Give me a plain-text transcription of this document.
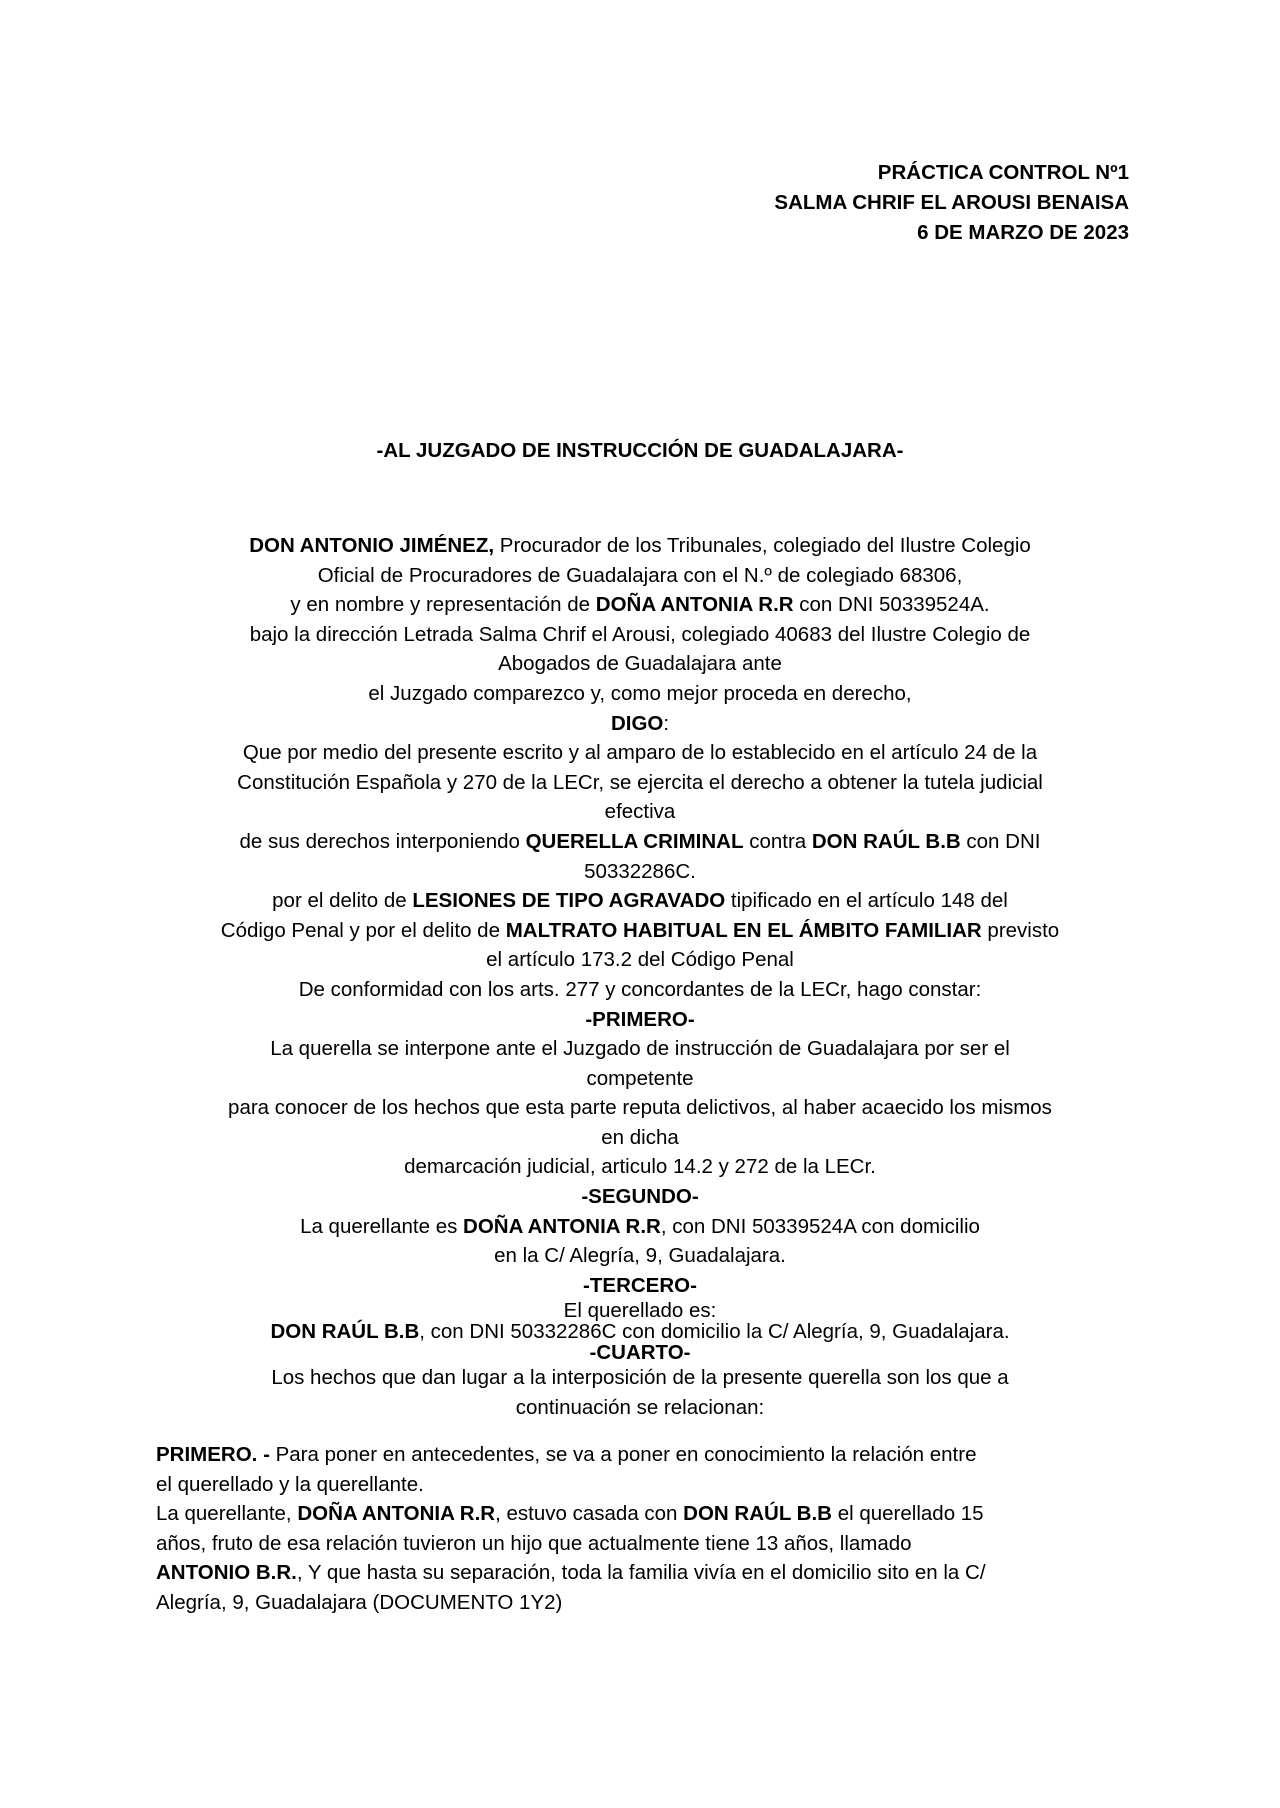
PRÁCTICA CONTROL Nº1
SALMA CHRIF EL AROUSI BENAISA
6 DE MARZO DE 2023
-AL JUZGADO DE INSTRUCCIÓN DE GUADALAJARA-
DON ANTONIO JIMÉNEZ, Procurador de los Tribunales, colegiado del Ilustre Colegio
Oficial de Procuradores de Guadalajara con el N.º de colegiado 68306,
y en nombre y representación de DOÑA ANTONIA R.R con DNI 50339524A.
bajo la dirección Letrada Salma Chrif el Arousi, colegiado 40683 del Ilustre Colegio de
Abogados de Guadalajara ante
el Juzgado comparezco y, como mejor proceda en derecho,
DIGO:
Que por medio del presente escrito y al amparo de lo establecido en el artículo 24 de la
Constitución Española y 270 de la LECr, se ejercita el derecho a obtener la tutela judicial
efectiva
de sus derechos interponiendo QUERELLA CRIMINAL contra DON RAÚL B.B con DNI
50332286C.
por el delito de LESIONES DE TIPO AGRAVADO tipificado en el artículo 148 del
Código Penal y por el delito de MALTRATO HABITUAL EN EL ÁMBITO FAMILIAR previsto
el artículo 173.2 del Código Penal
De conformidad con los arts. 277 y concordantes de la LECr, hago constar:
-PRIMERO-
La querella se interpone ante el Juzgado de instrucción de Guadalajara por ser el
competente
para conocer de los hechos que esta parte reputa delictivos, al haber acaecido los mismos
en dicha
demarcación judicial, articulo 14.2 y 272 de la LECr.
-SEGUNDO-
La querellante es DOÑA ANTONIA R.R, con DNI 50339524A con domicilio
en la C/ Alegría, 9, Guadalajara.
-TERCERO-
El querellado es:
DON RAÚL B.B, con DNI 50332286C con domicilio la C/ Alegría, 9, Guadalajara.
-CUARTO-
Los hechos que dan lugar a la interposición de la presente querella son los que a
continuación se relacionan:
PRIMERO. - Para poner en antecedentes, se va a poner en conocimiento la relación entre
el querellado y la querellante.
La querellante, DOÑA ANTONIA R.R, estuvo casada con DON RAÚL B.B el querellado 15
años, fruto de esa relación tuvieron un hijo que actualmente tiene 13 años, llamado
ANTONIO B.R., Y que hasta su separación, toda la familia vivía en el domicilio sito en la C/
Alegría, 9, Guadalajara (DOCUMENTO 1Y2)
